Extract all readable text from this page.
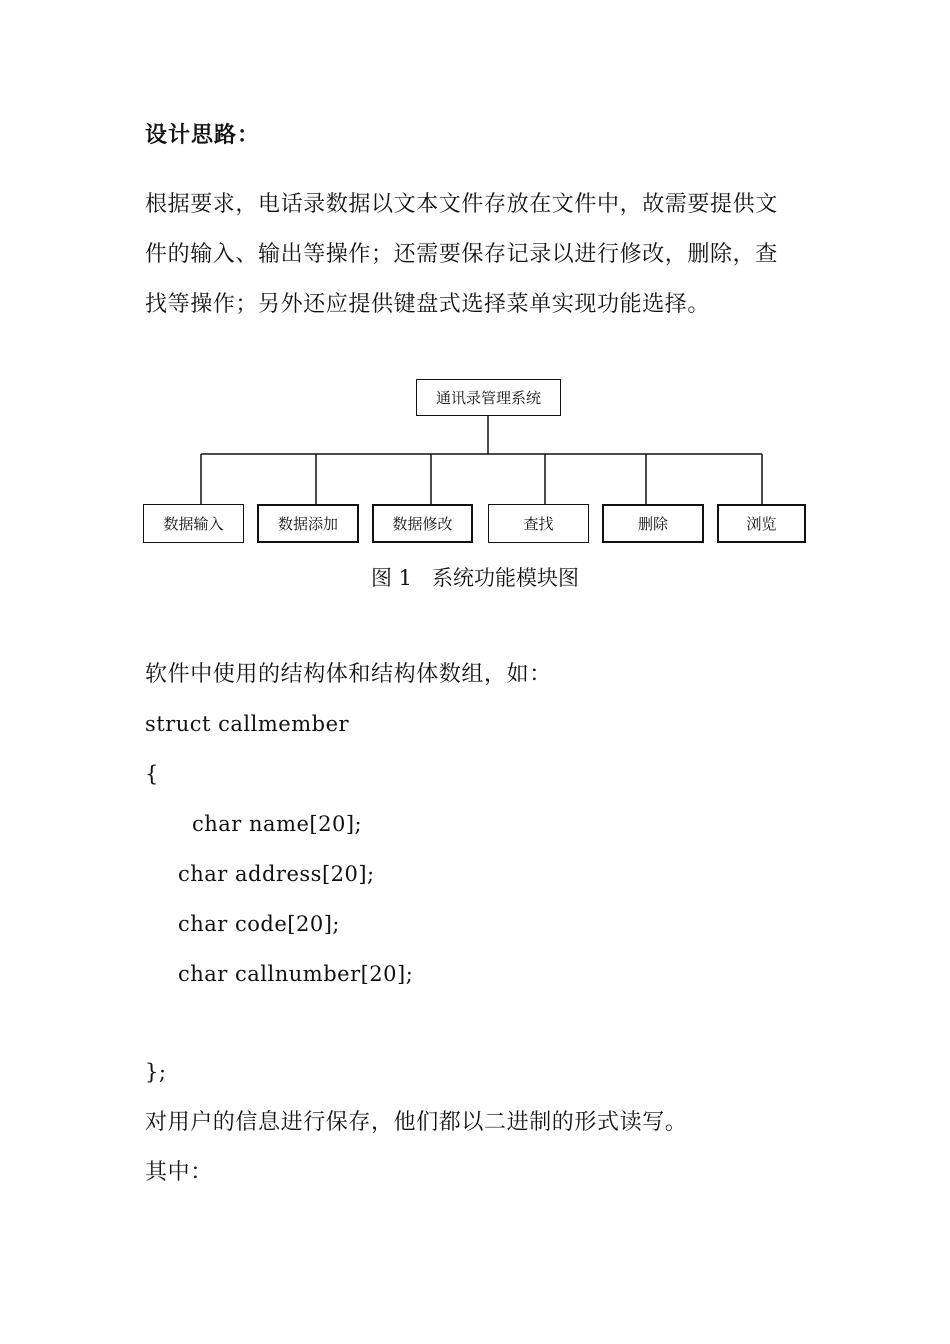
设计思路：
根据要求，电话录数据以文本文件存放在文件中，故需要提供文
件的输入、输出等操作；还需要保存记录以进行修改，删除，查
找等操作；另外还应提供键盘式选择菜单实现功能选择。
通讯录管理系统
数据输入	数据添加	数据修改	查找	删除	浏览
图 1   系统功能模块图
软件中使用的结构体和结构体数组，如：
struct callmember
{
char name[20];
char address[20];
char code[20];
char callnumber[20];
};
对用户的信息进行保存，他们都以二进制的形式读写。
其中：
